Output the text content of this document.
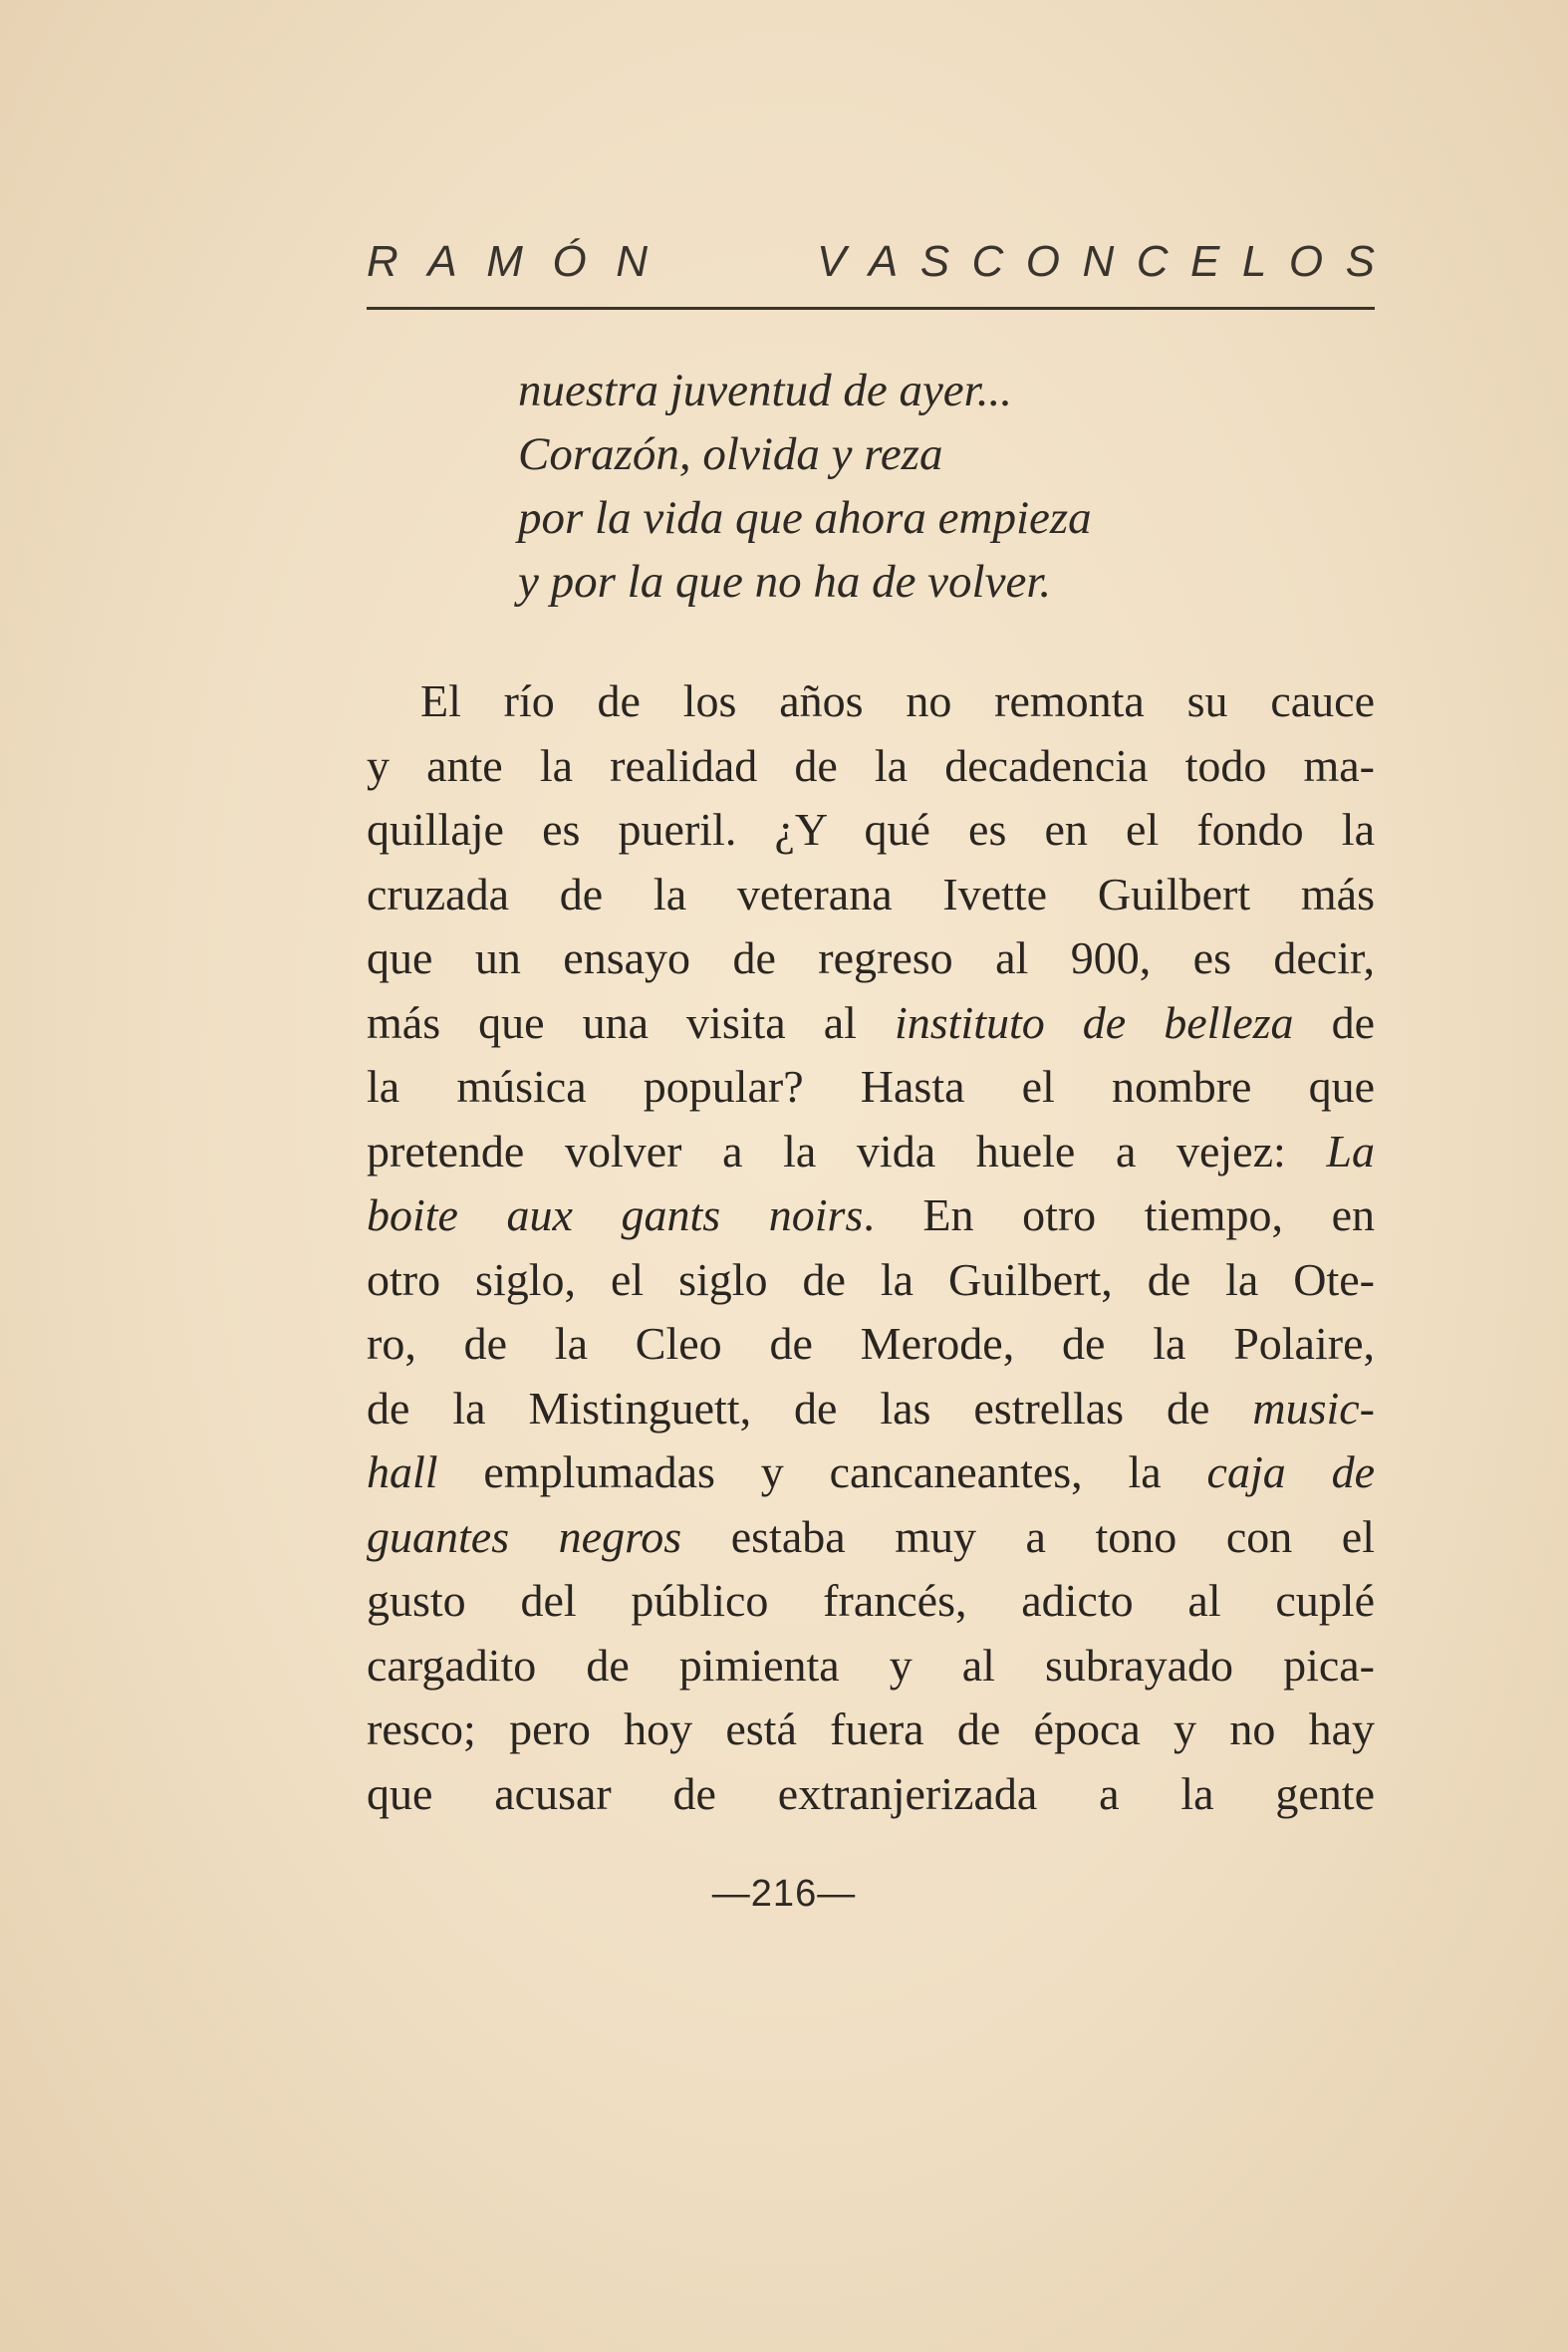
R A M Ó N	V A S C O N C E L O S
nuestra juventud de ayer...
Corazón, olvida y reza
por la vida que ahora empieza
y por la que no ha de volver.
El río de los años no remonta su cauce
y ante la realidad de la decadencia todo ma-
quillaje es pueril. ¿Y qué es en el fondo la
cruzada de la veterana Ivette Guilbert más
que un ensayo de regreso al 900, es decir,
más que una visita al instituto de belleza de
la música popular? Hasta el nombre que
pretende volver a la vida huele a vejez: La
boite aux gants noirs. En otro tiempo, en
otro siglo, el siglo de la Guilbert, de la Ote-
ro, de la Cleo de Merode, de la Polaire,
de la Mistinguett, de las estrellas de music-
hall emplumadas y cancaneantes, la caja de
guantes negros estaba muy a tono con el
gusto del público francés, adicto al cuplé
cargadito de pimienta y al subrayado pica-
resco; pero hoy está fuera de época y no hay
que acusar de extranjerizada a la gente
—216—
